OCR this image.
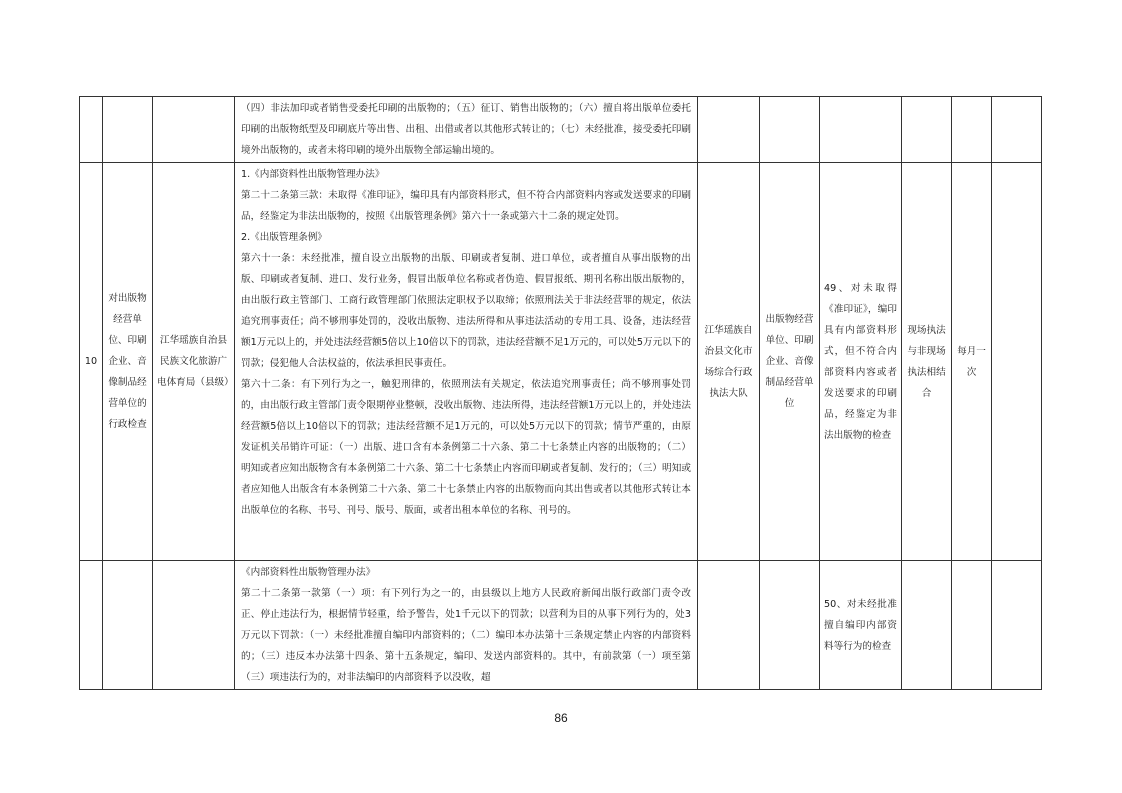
			（四）非法加印或者销售受委托印刷的出版物的；（五）征订、销售出版物的；（六）擅自将出版单位委托印刷的出版物纸型及印刷底片等出售、出租、出借或者以其他形式转让的；（七）未经批准，接受委托印刷境外出版物的，或者未将印刷的境外出版物全部运输出境的。						

10	对出版物经营单位、印刷企业、音像制品经营单位的行政检查	江华瑶族自治县民族文化旅游广电体育局（县级）	1.《内部资料性出版物管理办法》
第二十二条第三款：未取得《准印证》，编印具有内部资料形式，但不符合内部资料内容或发送要求的印刷品，经鉴定为非法出版物的，按照《出版管理条例》第六十一条或第六十二条的规定处罚。
2.《出版管理条例》
第六十一条：未经批准，擅自设立出版物的出版、印刷或者复制、进口单位，或者擅自从事出版物的出版、印刷或者复制、进口、发行业务，假冒出版单位名称或者伪造、假冒报纸、期刊名称出版出版物的，由出版行政主管部门、工商行政管理部门依照法定职权予以取缔；依照刑法关于非法经营罪的规定，依法追究刑事责任；尚不够刑事处罚的，没收出版物、违法所得和从事违法活动的专用工具、设备，违法经营额1万元以上的，并处违法经营额5倍以上10倍以下的罚款，违法经营额不足1万元的，可以处5万元以下的罚款；侵犯他人合法权益的，依法承担民事责任。
第六十二条：有下列行为之一，触犯刑律的，依照刑法有关规定，依法追究刑事责任；尚不够刑事处罚的，由出版行政主管部门责令限期停业整顿，没收出版物、违法所得，违法经营额1万元以上的，并处违法经营额5倍以上10倍以下的罚款；违法经营额不足1万元的，可以处5万元以下的罚款；情节严重的，由原发证机关吊销许可证：（一）出版、进口含有本条例第二十六条、第二十七条禁止内容的出版物的；（二）明知或者应知出版物含有本条例第二十六条、第二十七条禁止内容而印刷或者复制、发行的；（三）明知或者应知他人出版含有本条例第二十六条、第二十七条禁止内容的出版物而向其出售或者以其他形式转让本出版单位的名称、书号、刊号、版号、版面，或者出租本单位的名称、刊号的。	江华瑶族自治县文化市场综合行政执法大队	出版物经营单位、印刷企业、音像制品经营单位	49、对未取得《准印证》，编印具有内部资料形式，但不符合内部资料内容或者发送要求的印刷品，经鉴定为非法出版物的检查	现场执法与非现场执法相结合	每月一次	

			《内部资料性出版物管理办法》
第二十二条第一款第（一）项：有下列行为之一的，由县级以上地方人民政府新闻出版行政部门责令改正、停止违法行为，根据情节轻重，给予警告，处1千元以下的罚款；以营利为目的从事下列行为的，处3万元以下罚款：（一）未经批准擅自编印内部资料的；（二）编印本办法第十三条规定禁止内容的内部资料的；（三）违反本办法第十四条、第十五条规定，编印、发送内部资料的。其中，有前款第（一）项至第（三）项违法行为的，对非法编印的内部资料予以没收，超			50、对未经批准擅自编印内部资料等行为的检查			
86
